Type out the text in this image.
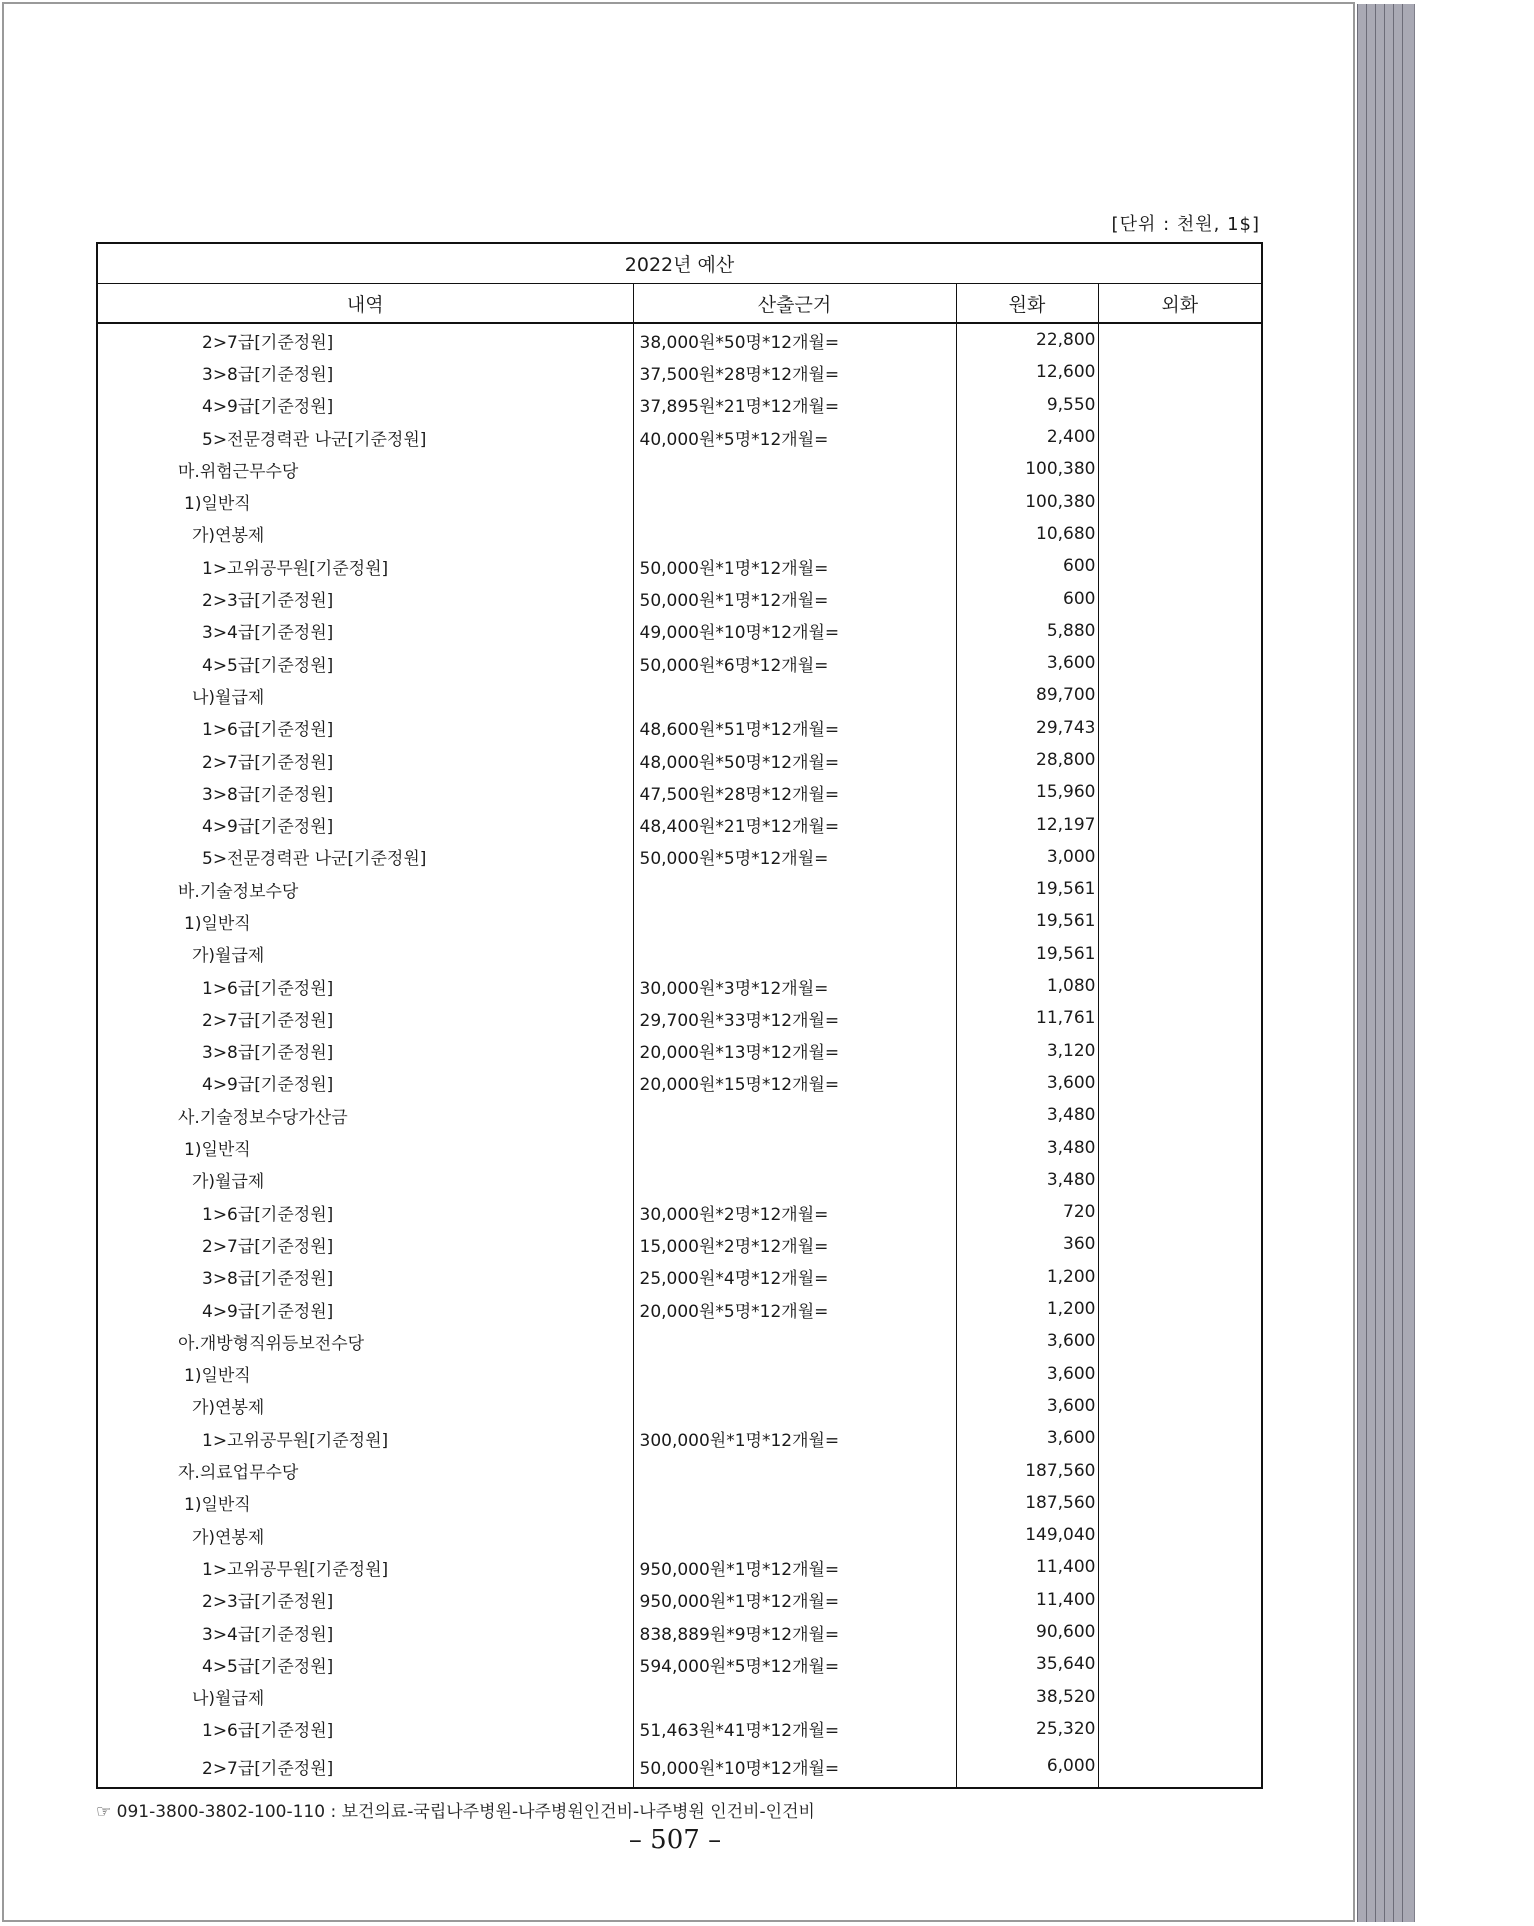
[단위 : 천원, 1$]
2022년 예산			
내역	산출근거	원화	외화
2>7급[기준정원]	38,000원*50명*12개월=	22,800	
3>8급[기준정원]	37,500원*28명*12개월=	12,600	
4>9급[기준정원]	37,895원*21명*12개월=	9,550	
5>전문경력관 나군[기준정원]	40,000원*5명*12개월=	2,400	
마.위험근무수당		100,380	
1)일반직		100,380	
가)연봉제		10,680	
1>고위공무원[기준정원]	50,000원*1명*12개월=	600	
2>3급[기준정원]	50,000원*1명*12개월=	600	
3>4급[기준정원]	49,000원*10명*12개월=	5,880	
4>5급[기준정원]	50,000원*6명*12개월=	3,600	
나)월급제		89,700	
1>6급[기준정원]	48,600원*51명*12개월=	29,743	
2>7급[기준정원]	48,000원*50명*12개월=	28,800	
3>8급[기준정원]	47,500원*28명*12개월=	15,960	
4>9급[기준정원]	48,400원*21명*12개월=	12,197	
5>전문경력관 나군[기준정원]	50,000원*5명*12개월=	3,000	
바.기술정보수당		19,561	
1)일반직		19,561	
가)월급제		19,561	
1>6급[기준정원]	30,000원*3명*12개월=	1,080	
2>7급[기준정원]	29,700원*33명*12개월=	11,761	
3>8급[기준정원]	20,000원*13명*12개월=	3,120	
4>9급[기준정원]	20,000원*15명*12개월=	3,600	
사.기술정보수당가산금		3,480	
1)일반직		3,480	
가)월급제		3,480	
1>6급[기준정원]	30,000원*2명*12개월=	720	
2>7급[기준정원]	15,000원*2명*12개월=	360	
3>8급[기준정원]	25,000원*4명*12개월=	1,200	
4>9급[기준정원]	20,000원*5명*12개월=	1,200	
아.개방형직위등보전수당		3,600	
1)일반직		3,600	
가)연봉제		3,600	
1>고위공무원[기준정원]	300,000원*1명*12개월=	3,600	
자.의료업무수당		187,560	
1)일반직		187,560	
가)연봉제		149,040	
1>고위공무원[기준정원]	950,000원*1명*12개월=	11,400	
2>3급[기준정원]	950,000원*1명*12개월=	11,400	
3>4급[기준정원]	838,889원*9명*12개월=	90,600	
4>5급[기준정원]	594,000원*5명*12개월=	35,640	
나)월급제		38,520	
1>6급[기준정원]	51,463원*41명*12개월=	25,320	
2>7급[기준정원]	50,000원*10명*12개월=	6,000	
☞ 091-3800-3802-100-110 : 보건의료-국립나주병원-나주병원인건비-나주병원 인건비-인건비
– 507 –
